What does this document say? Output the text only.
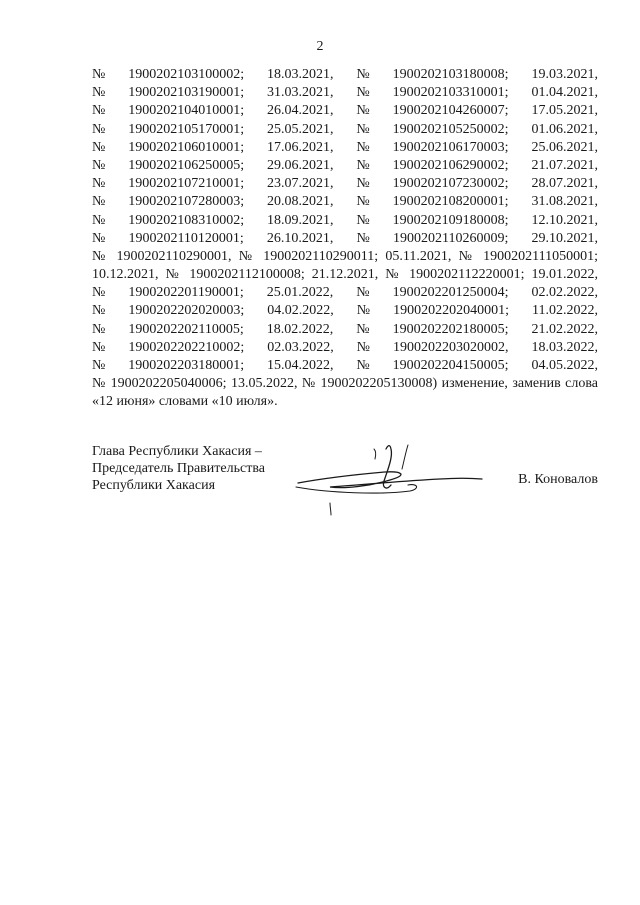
2
№ 1900202103100002; 18.03.2021, № 1900202103180008; 19.03.2021,
№ 1900202103190001; 31.03.2021, № 1900202103310001; 01.04.2021,
№ 1900202104010001; 26.04.2021, № 1900202104260007; 17.05.2021,
№ 1900202105170001; 25.05.2021, № 1900202105250002; 01.06.2021,
№ 1900202106010001; 17.06.2021, № 1900202106170003; 25.06.2021,
№ 1900202106250005; 29.06.2021, № 1900202106290002; 21.07.2021,
№ 1900202107210001; 23.07.2021, № 1900202107230002; 28.07.2021,
№ 1900202107280003; 20.08.2021, № 1900202108200001; 31.08.2021,
№ 1900202108310002; 18.09.2021, № 1900202109180008; 12.10.2021,
№ 1900202110120001; 26.10.2021, № 1900202110260009; 29.10.2021,
№ 1900202110290001, № 1900202110290011; 05.11.2021, № 1900202111050001;
10.12.2021, № 1900202112100008; 21.12.2021, № 1900202112220001; 19.01.2022,
№ 1900202201190001; 25.01.2022, № 1900202201250004; 02.02.2022,
№ 1900202202020003; 04.02.2022, № 1900202202040001; 11.02.2022,
№ 1900202202110005; 18.02.2022, № 1900202202180005; 21.02.2022,
№ 1900202202210002; 02.03.2022, № 1900202203020002, 18.03.2022,
№ 1900202203180001; 15.04.2022, № 1900202204150005; 04.05.2022,
№ 1900202205040006; 13.05.2022, № 1900202205130008) изменение, заменив слова
«12 июня» словами «10 июля».
Глава Республики Хакасия –
Председатель Правительства
Республики Хакасия	В. Коновалов
